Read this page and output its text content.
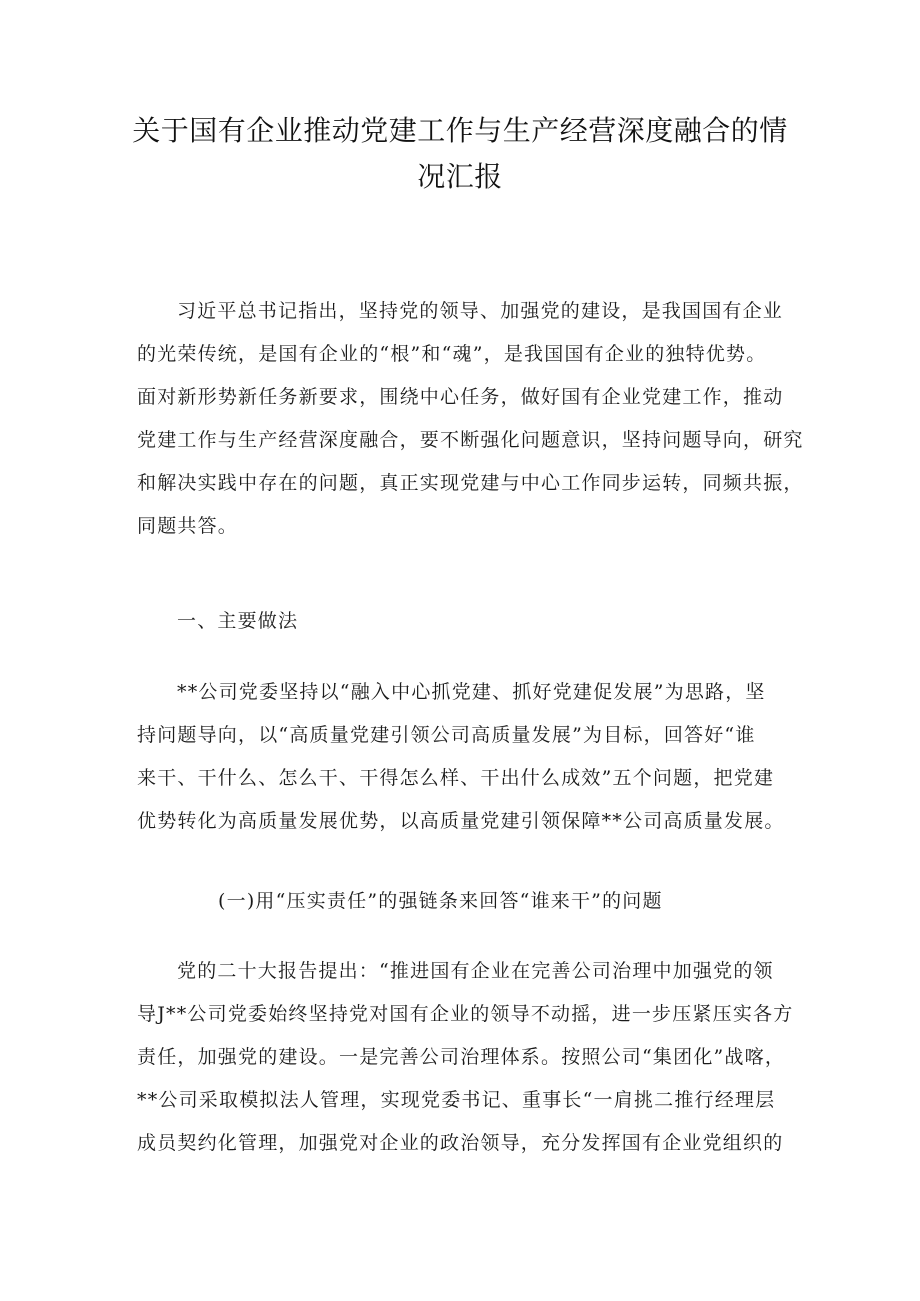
关于国有企业推动党建工作与生产经营深度融合的情
况汇报
习近平总书记指出，坚持党的领导、加强党的建设，是我国国有企业
的光荣传统，是国有企业的“根”和“魂”，是我国国有企业的独特优势。
面对新形势新任务新要求，围绕中心任务，做好国有企业党建工作，推动
党建工作与生产经营深度融合，要不断强化问题意识，坚持问题导向，研究
和解决实践中存在的问题，真正实现党建与中心工作同步运转，同频共振，
同题共答。
一、主要做法
**公司党委坚持以“融入中心抓党建、抓好党建促发展”为思路，坚
持问题导向，以“高质量党建引领公司高质量发展”为目标，回答好“谁
来干、干什么、怎么干、干得怎么样、干出什么成效”五个问题，把党建
优势转化为高质量发展优势，以高质量党建引领保障**公司高质量发展。
(一)用“压实责任”的强链条来回答“谁来干”的问题
党的二十大报告提出：“推进国有企业在完善公司治理中加强党的领
导J**公司党委始终坚持党对国有企业的领导不动摇，进一步压紧压实各方
责任，加强党的建设。一是完善公司治理体系。按照公司“集团化”战喀，
**公司采取模拟法人管理，实现党委书记、重事长“一肩挑二推行经理层
成员契约化管理，加强党对企业的政治领导，充分发挥国有企业党组织的
